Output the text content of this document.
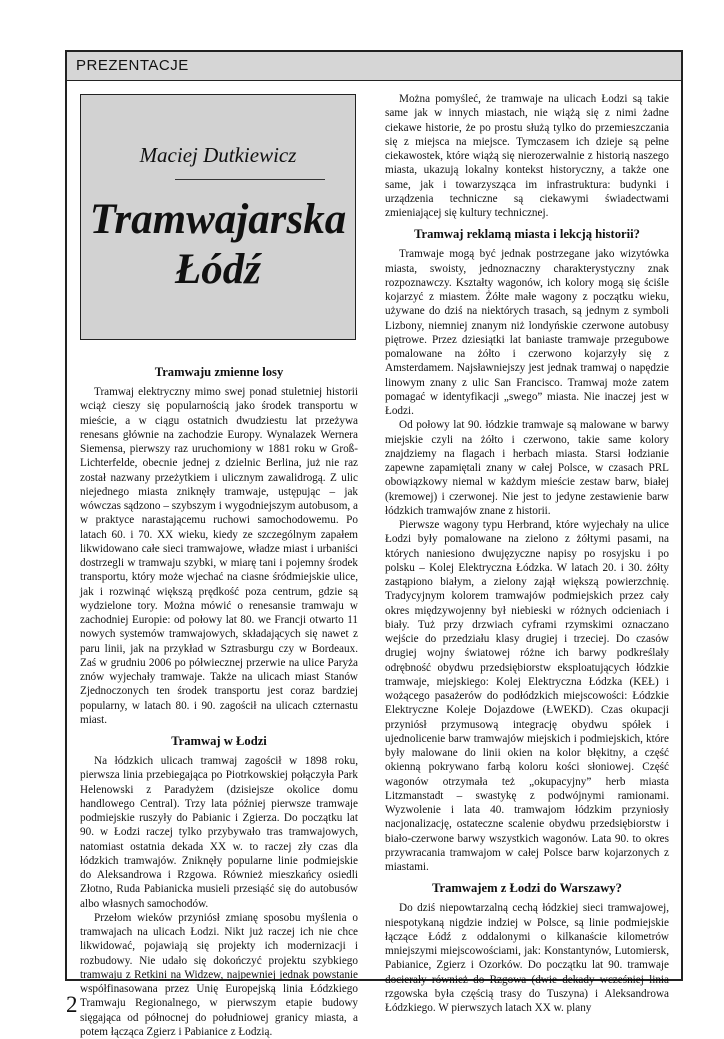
PREZENTACJE
Maciej Dutkiewicz
Tramwajarska
Łódź
Tramwaju zmienne losy

Tramwaj elektryczny mimo swej ponad stuletniej historii wciąż cieszy się popularnością jako środek transportu w mieście, a w ciągu ostatnich dwudziestu lat przeżywa renesans głównie na zachodzie Europy. Wynalazek Wernera Siemensa, pierwszy raz uruchomiony w 1881 roku w Groß-Lichterfelde, obecnie jednej z dzielnic Berlina, już nie raz został nazwany przeżytkiem i ulicznym zawalidrogą. Z ulic niejednego miasta zniknęły tramwaje, ustępując – jak wówczas sądzono – szybszym i wygodniejszym autobusom, a w praktyce narastającemu ruchowi samochodowemu. Po latach 60. i 70. XX wieku, kiedy ze szczególnym zapałem likwidowano całe sieci tramwajowe, władze miast i urbaniści dostrzegli w tramwaju szybki, w miarę tani i pojemny środek transportu, który może wjechać na ciasne śródmiejskie ulice, jak i rozwinąć większą prędkość poza centrum, gdzie są wydzielone tory. Można mówić o renesansie tramwaju w zachodniej Europie: od połowy lat 80. we Francji otwarto 11 nowych systemów tramwajowych, składających się nawet z paru linii, jak na przykład w Sztrasburgu czy w Bordeaux. Zaś w grudniu 2006 po półwiecznej przerwie na ulice Paryża znów wyjechały tramwaje. Także na ulicach miast Stanów Zjednoczonych ten środek transportu jest coraz bardziej popularny, w latach 80. i 90. zagościł na ulicach czternastu miast.

Tramwaj w Łodzi

Na łódzkich ulicach tramwaj zagościł w 1898 roku, pierwsza linia przebiegająca po Piotrkowskiej połączyła Park Helenowski z Paradyżem (dzisiejsze okolice domu handlowego Central). Trzy lata później pierwsze tramwaje podmiejskie ruszyły do Pabianic i Zgierza. Do początku lat 90. w Łodzi raczej tylko przybywało tras tramwajowych, natomiast ostatnia dekada XX w. to raczej zły czas dla łódzkich tramwajów. Zniknęły popularne linie podmiejskie do Aleksandrowa i Rzgowa. Również mieszkańcy osiedli Złotno, Ruda Pabianicka musieli przesiąść się do autobusów albo własnych samochodów.

Przełom wieków przyniósł zmianę sposobu myślenia o tramwajach na ulicach Łodzi. Nikt już raczej ich nie chce likwidować, pojawiają się projekty ich modernizacji i rozbudowy. Nie udało się dokończyć projektu szybkiego tramwaju z Retkini na Widzew, najpewniej jednak powstanie współfinasowana przez Unię Europejską linia Łódzkiego Tramwaju Regionalnego, w pierwszym etapie budowy sięgająca od północnej do południowej granicy miasta, a potem łącząca Zgierz i Pabianice z Łodzią.

Można pomyśleć, że tramwaje na ulicach Łodzi są takie same jak w innych miastach, nie wiążą się z nimi żadne ciekawe historie, że po prostu służą tylko do przemieszczania się z miejsca na miejsce. Tymczasem ich dzieje są pełne ciekawostek, które wiążą się nierozerwalnie z historią naszego miasta, ukazują lokalny kontekst historyczny, a także one same, jak i towarzysząca im infrastruktura: budynki i urządzenia techniczne są ciekawymi świadectwami zmieniającej się kultury technicznej.

Tramwaj reklamą miasta i lekcją historii?

Tramwaje mogą być jednak postrzegane jako wizytówka miasta, swoisty, jednoznaczny charakterystyczny znak rozpoznawczy. Kształty wagonów, ich kolory mogą się ściśle kojarzyć z miastem. Żółte małe wagony z początku wieku, używane do dziś na niektórych trasach, są jednym z symboli Lizbony, niemniej znanym niż londyńskie czerwone autobusy piętrowe. Przez dziesiątki lat baniaste tramwaje przegubowe pomalowane na żółto i czerwono kojarzyły się z Amsterdamem. Najsławniejszy jest jednak tramwaj o napędzie linowym znany z ulic San Francisco. Tramwaj może zatem pomagać w identyfikacji „swego” miasta. Nie inaczej jest w Łodzi.

Od połowy lat 90. łódzkie tramwaje są malowane w barwy miejskie czyli na żółto i czerwono, takie same kolory znajdziemy na flagach i herbach miasta. Starsi łodzianie zapewne zapamiętali znany w całej Polsce, w czasach PRL obowiązkowy niemal w każdym mieście zestaw barw, białej (kremowej) i czerwonej. Nie jest to jedyne zestawienie barw łódzkich tramwajów znane z historii.

Pierwsze wagony typu Herbrand, które wyjechały na ulice Łodzi były pomalowane na zielono z żółtymi pasami, na których naniesiono dwujęzyczne napisy po rosyjsku i po polsku – Kolej Elektryczna Łódzka. W latach 20. i 30. żółty zastąpiono białym, a zielony zajął większą powierzchnię. Tradycyjnym kolorem tramwajów podmiejskich przez cały okres międzywojenny był niebieski w różnych odcieniach i biały. Tuż przy drzwiach cyframi rzymskimi oznaczano wejście do przedziału klasy drugiej i trzeciej. Do czasów drugiej wojny światowej różne ich barwy podkreślały odrębność obydwu przedsiębiorstw eksploatujących łódzkie tramwaje, miejskiego: Kolej Elektryczna Łódzka (KEŁ) i wożącego pasażerów do podłódzkich miejscowości: Łódzkie Elektryczne Koleje Dojazdowe (ŁWEKD). Czas okupacji przyniósł przymusową integrację obydwu spółek i ujednolicenie barw tramwajów miejskich i podmiejskich, które były malowane do linii okien na kolor błękitny, a część okienną pokrywano farbą koloru kości słoniowej. Część wagonów otrzymała też „okupacyjny” herb miasta Litzmanstadt – swastykę z podwójnymi ramionami. Wyzwolenie i lata 40. tramwajom łódzkim przyniosły nacjonalizację, ostateczne scalenie obydwu przedsiębiorstw i biało-czerwone barwy wszystkich wagonów. Lata 90. to okres przywracania tramwajom w całej Polsce barw kojarzonych z miastami.

Tramwajem z Łodzi do Warszawy?

Do dziś niepowtarzalną cechą łódzkiej sieci tramwajowej, niespotykaną nigdzie indziej w Polsce, są linie podmiejskie łączące Łódź z oddalonymi o kilkanaście kilometrów mniejszymi miejscowościami, jak: Konstantynów, Lutomiersk, Pabianice, Zgierz i Ozorków. Do początku lat 90. tramwaje docierały również do Rzgowa (dwie dekady wcześniej linia rzgowska była częścią trasy do Tuszyna) i Aleksandrowa Łódzkiego. W pierwszych latach XX w. plany

2
